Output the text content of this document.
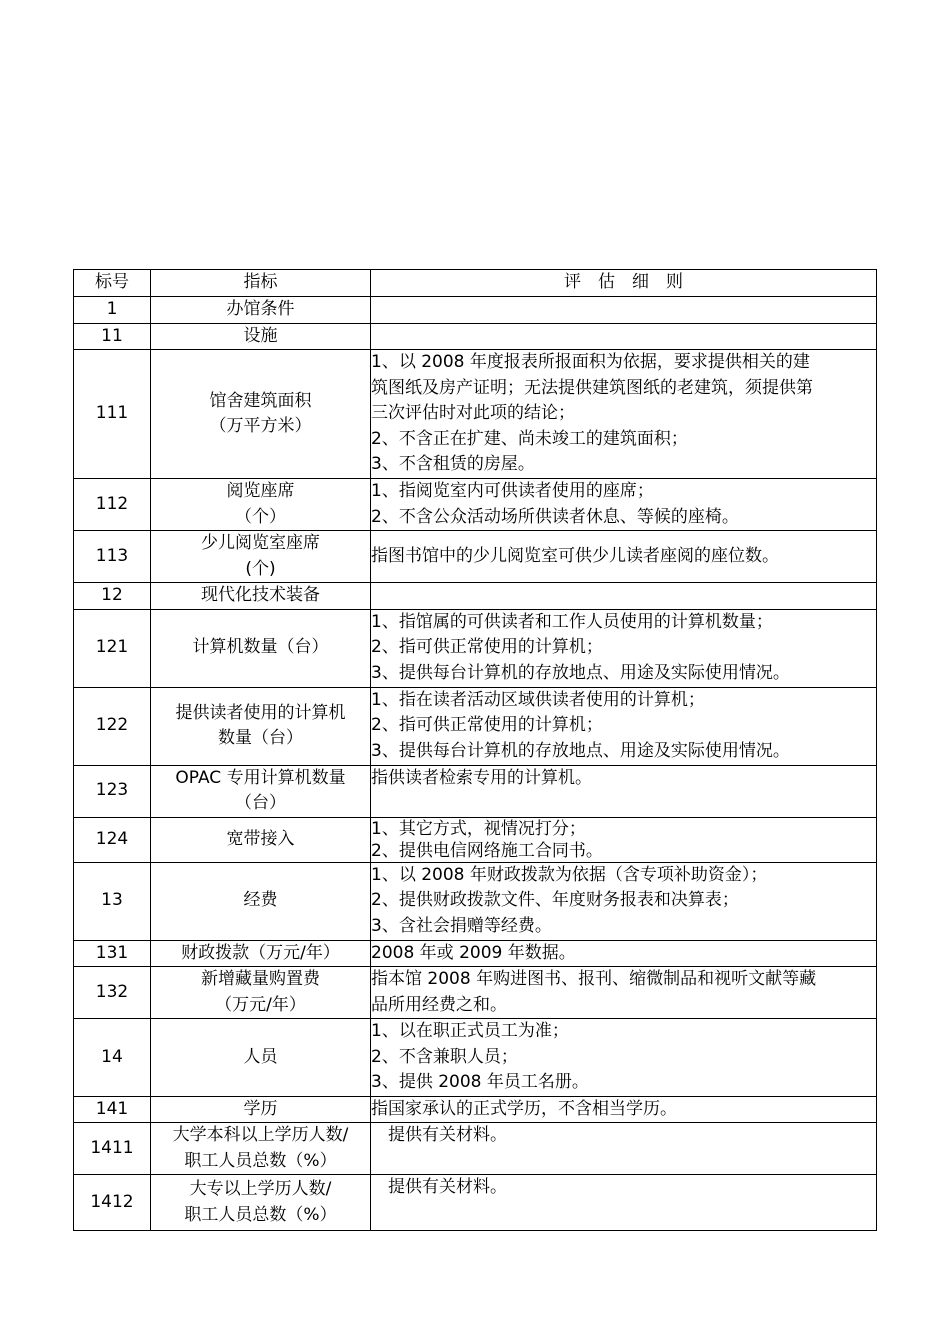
标号	指标	评　估　细　则
1	办馆条件	

11	设施	

111	馆舍建筑面积
（万平方米）	1、以 2008 年度报表所报面积为依据，要求提供相关的建
筑图纸及房产证明；无法提供建筑图纸的老建筑，须提供第
三次评估时对此项的结论；
2、不含正在扩建、尚未竣工的建筑面积；
3、不含租赁的房屋。

112	阅览座席
（个）	1、指阅览室内可供读者使用的座席；
2、不含公众活动场所供读者休息、等候的座椅。

113	少儿阅览室座席
(个)	指图书馆中的少儿阅览室可供少儿读者座阅的座位数。

12	现代化技术装备	

121	计算机数量（台）	1、指馆属的可供读者和工作人员使用的计算机数量；
2、指可供正常使用的计算机；
3、提供每台计算机的存放地点、用途及实际使用情况。

122	提供读者使用的计算机
数量（台）	1、指在读者活动区域供读者使用的计算机；
2、指可供正常使用的计算机；
3、提供每台计算机的存放地点、用途及实际使用情况。

123	OPAC 专用计算机数量
（台）	指供读者检索专用的计算机。

124	宽带接入	1、其它方式，视情况打分；
2、提供电信网络施工合同书。

13	经费	1、以 2008 年财政拨款为依据（含专项补助资金）；
2、提供财政拨款文件、年度财务报表和决算表；
3、含社会捐赠等经费。

131	财政拨款（万元/年）	2008 年或 2009 年数据。

132	新增藏量购置费
（万元/年）	指本馆 2008 年购进图书、报刊、缩微制品和视听文献等藏
品所用经费之和。

14	人员	1、以在职正式员工为准；
2、不含兼职人员；
3、提供 2008 年员工名册。

141	学历	指国家承认的正式学历，不含相当学历。

1411	大学本科以上学历人数/
职工人员总数（%）	提供有关材料。

1412	大专以上学历人数/
职工人员总数（%）	提供有关材料。
